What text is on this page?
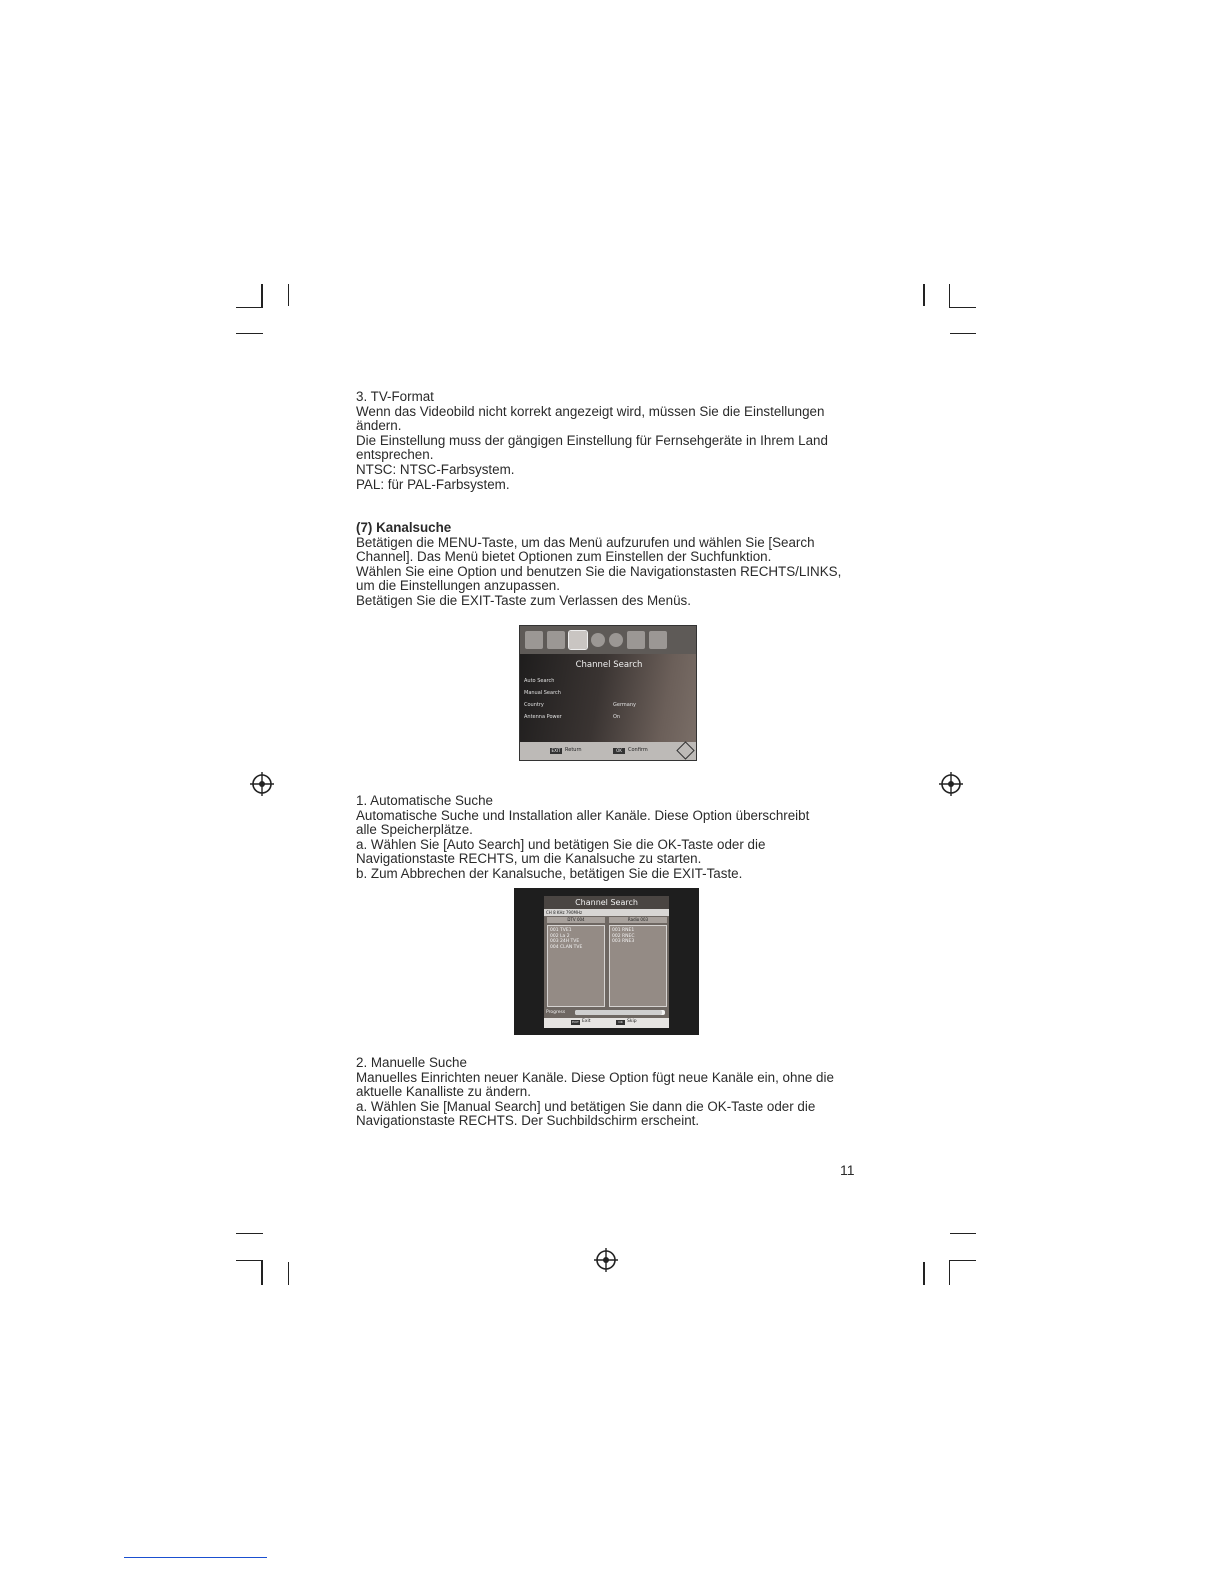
3. TV-Format

Wenn das Videobild nicht korrekt angezeigt wird, müssen Sie die Einstellungen

ändern.

Die Einstellung muss der gängigen Einstellung für Fernsehgeräte in Ihrem Land

entsprechen.

NTSC: NTSC-Farbsystem.

PAL: für PAL-Farbsystem.

(7) Kanalsuche

Betätigen die MENU-Taste, um das Menü aufzurufen und wählen Sie [Search

Channel]. Das Menü bietet Optionen zum Einstellen der Suchfunktion.

Wählen Sie eine Option und benutzen Sie die Navigationstasten RECHTS/LINKS,

um die Einstellungen anzupassen.

Betätigen Sie die EXIT-Taste zum Verlassen des Menüs.

Channel Search
Auto Search
Manual Search
Country	Germany
Antenna Power	On
EXIT Return	OK	Confirm

1. Automatische Suche

Automatische Suche und Installation aller Kanäle. Diese Option überschreibt

alle Speicherplätze.

a. Wählen Sie [Auto Search] und betätigen Sie die OK-Taste oder die

Navigationstaste RECHTS, um die Kanalsuche zu starten.

b. Zum Abbrechen der Kanalsuche, betätigen Sie die EXIT-Taste.

Channel Search
CH 8 KHz 790MHz
DTV 004	Radio 003
001 TVE1
002 La 2
003 24H TVE
004 CLAN TVE
001 RNE1
002 RNEC
003 RNE3
Progress
EXIT Exit	OK Skip

2. Manuelle Suche

Manuelles Einrichten neuer Kanäle. Diese Option fügt neue Kanäle ein, ohne die

aktuelle Kanalliste zu ändern.

a. Wählen Sie [Manual Search] und betätigen Sie dann die OK-Taste oder die

Navigationstaste RECHTS. Der Suchbildschirm erscheint.

11
